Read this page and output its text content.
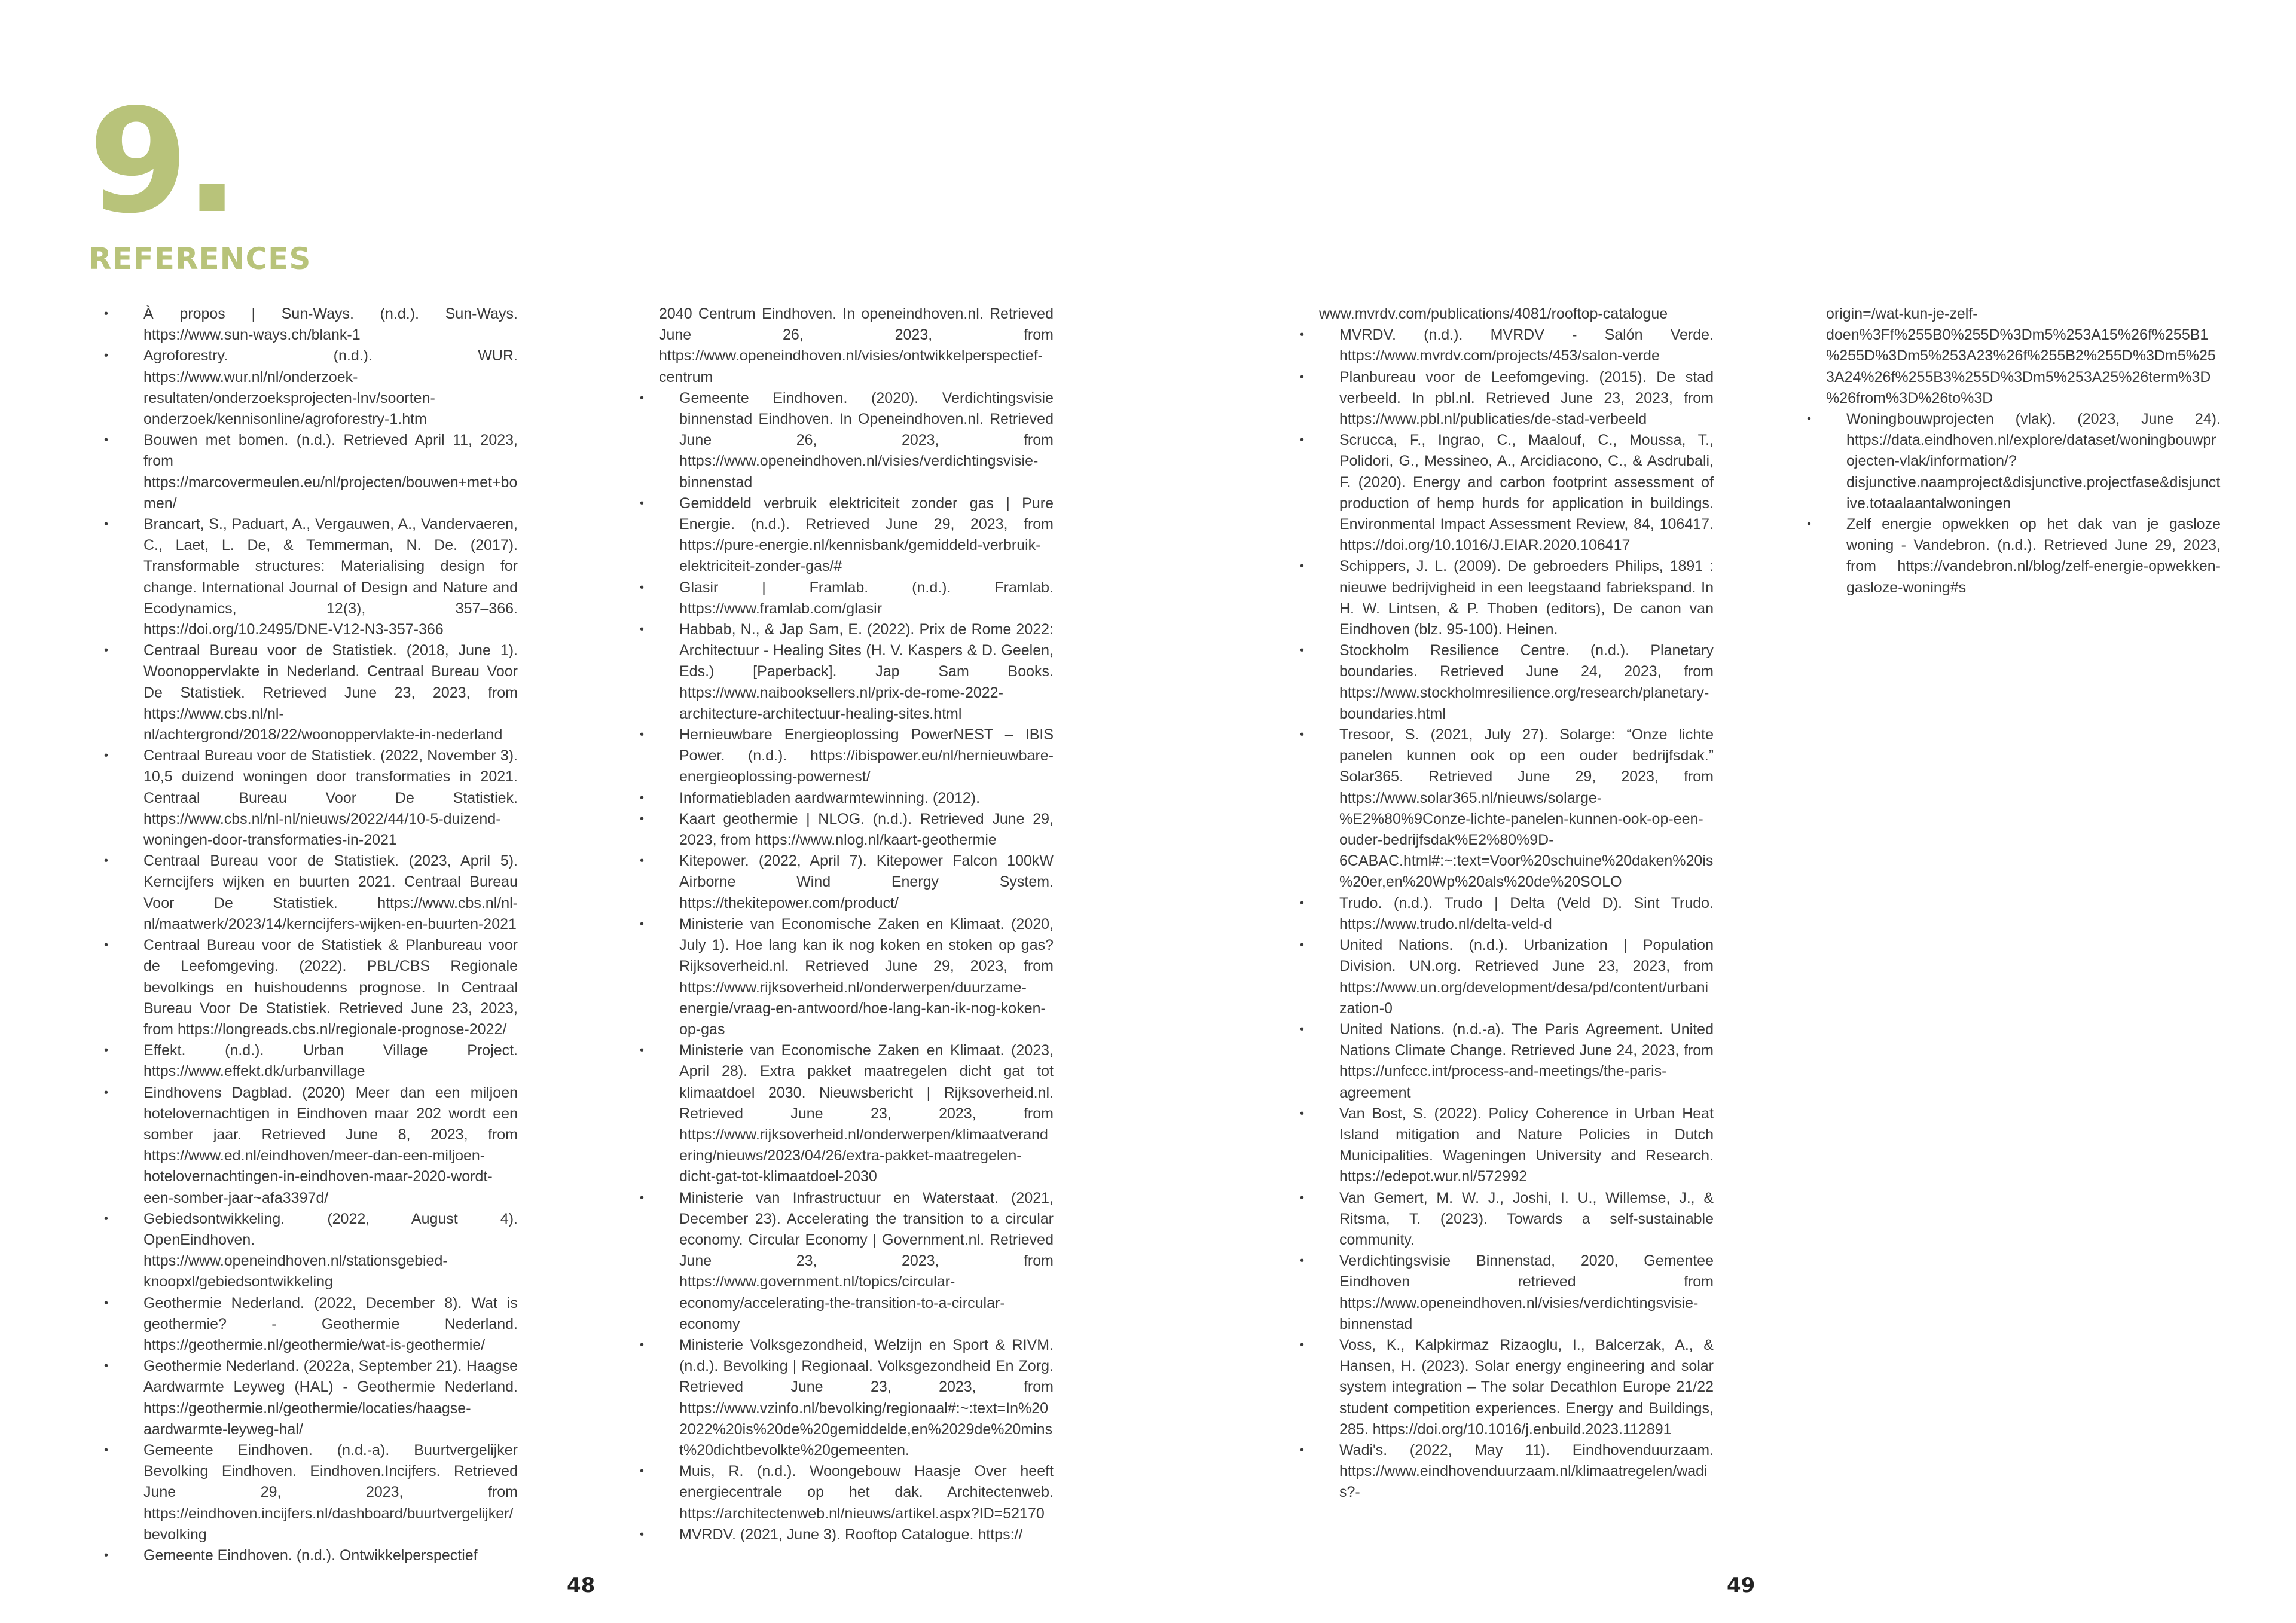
9.
REFERENCES
• À propos | Sun-Ways. (n.d.). Sun-Ways. https://www.sun-ways.ch/blank-1
• Agroforestry. (n.d.). WUR. https://www.wur.nl/nl/onderzoek-resultaten/onderzoeksprojecten-lnv/soorten-onderzoek/kennisonline/agroforestry-1.htm
• Bouwen met bomen. (n.d.). Retrieved April 11, 2023, from https://marcovermeulen.eu/nl/projecten/bouwen+met+bomen/
• Brancart, S., Paduart, A., Vergauwen, A., Vandervaeren, C., Laet, L. De, & Temmerman, N. De. (2017). Transformable structures: Materialising design for change. International Journal of Design and Nature and Ecodynamics, 12(3), 357–366. https://doi.org/10.2495/DNE-V12-N3-357-366
• Centraal Bureau voor de Statistiek. (2018, June 1). Woonoppervlakte in Nederland. Centraal Bureau Voor De Statistiek. Retrieved June 23, 2023, from https://www.cbs.nl/nl-nl/achtergrond/2018/22/woonoppervlakte-in-nederland
• Centraal Bureau voor de Statistiek. (2022, November 3). 10,5 duizend woningen door transformaties in 2021. Centraal Bureau Voor De Statistiek. https://www.cbs.nl/nl-nl/nieuws/2022/44/10-5-duizend-woningen-door-transformaties-in-2021
• Centraal Bureau voor de Statistiek. (2023, April 5). Kerncijfers wijken en buurten 2021. Centraal Bureau Voor De Statistiek. https://www.cbs.nl/nl-nl/maatwerk/2023/14/kerncijfers-wijken-en-buurten-2021
• Centraal Bureau voor de Statistiek & Planbureau voor de Leefomgeving. (2022). PBL/CBS Regionale bevolkings en huishoudenns prognose. In Centraal Bureau Voor De Statistiek. Retrieved June 23, 2023, from https://longreads.cbs.nl/regionale-prognose-2022/
• Effekt. (n.d.). Urban Village Project. https://www.effekt.dk/urbanvillage
• Eindhovens Dagblad. (2020) Meer dan een miljoen hotelovernachtigen in Eindhoven maar 202 wordt een somber jaar. Retrieved June 8, 2023, from https://www.ed.nl/eindhoven/meer-dan-een-miljoen-hotelovernachtingen-in-eindhoven-maar-2020-wordt-een-somber-jaar~afa3397d/
• Gebiedsontwikkeling. (2022, August 4). OpenEindhoven. https://www.openeindhoven.nl/stationsgebied-knoopxl/gebiedsontwikkeling
• Geothermie Nederland. (2022, December 8). Wat is geothermie? - Geothermie Nederland. https://geothermie.nl/geothermie/wat-is-geothermie/
• Geothermie Nederland. (2022a, September 21). Haagse Aardwarmte Leyweg (HAL) - Geothermie Nederland. https://geothermie.nl/geothermie/locaties/haagse-aardwarmte-leyweg-hal/
• Gemeente Eindhoven. (n.d.-a). Buurtvergelijker Bevolking Eindhoven. Eindhoven.Incijfers. Retrieved June 29, 2023, from https://eindhoven.incijfers.nl/dashboard/buurtvergelijker/bevolking
• Gemeente Eindhoven. (n.d.). Ontwikkelperspectief
2040 Centrum Eindhoven. In openeindhoven.nl. Retrieved June 26, 2023, from https://www.openeindhoven.nl/visies/ontwikkelperspectief-centrum
• Gemeente Eindhoven. (2020). Verdichtingsvisie binnenstad Eindhoven. In Openeindhoven.nl. Retrieved June 26, 2023, from https://www.openeindhoven.nl/visies/verdichtingsvisie-binnenstad
• Gemiddeld verbruik elektriciteit zonder gas | Pure Energie. (n.d.). Retrieved June 29, 2023, from https://pure-energie.nl/kennisbank/gemiddeld-verbruik-elektriciteit-zonder-gas/#
• Glasir | Framlab. (n.d.). Framlab. https://www.framlab.com/glasir
• Habbab, N., & Jap Sam, E. (2022). Prix de Rome 2022: Architectuur - Healing Sites (H. V. Kaspers & D. Geelen, Eds.) [Paperback]. Jap Sam Books. https://www.naibooksellers.nl/prix-de-rome-2022-architecture-architectuur-healing-sites.html
• Hernieuwbare Energieoplossing PowerNEST – IBIS Power. (n.d.). https://ibispower.eu/nl/hernieuwbare-energieoplossing-powernest/
• Informatiebladen aardwarmtewinning. (2012).
• Kaart geothermie | NLOG. (n.d.). Retrieved June 29, 2023, from https://www.nlog.nl/kaart-geothermie
• Kitepower. (2022, April 7). Kitepower Falcon 100kW Airborne Wind Energy System. https://thekitepower.com/product/
• Ministerie van Economische Zaken en Klimaat. (2020, July 1). Hoe lang kan ik nog koken en stoken op gas? Rijksoverheid.nl. Retrieved June 29, 2023, from https://www.rijksoverheid.nl/onderwerpen/duurzame-energie/vraag-en-antwoord/hoe-lang-kan-ik-nog-koken-op-gas
• Ministerie van Economische Zaken en Klimaat. (2023, April 28). Extra pakket maatregelen dicht gat tot klimaatdoel 2030. Nieuwsbericht | Rijksoverheid.nl. Retrieved June 23, 2023, from https://www.rijksoverheid.nl/onderwerpen/klimaatverandering/nieuws/2023/04/26/extra-pakket-maatregelen-dicht-gat-tot-klimaatdoel-2030
• Ministerie van Infrastructuur en Waterstaat. (2021, December 23). Accelerating the transition to a circular economy. Circular Economy | Government.nl. Retrieved June 23, 2023, from https://www.government.nl/topics/circular-economy/accelerating-the-transition-to-a-circular-economy
• Ministerie Volksgezondheid, Welzijn en Sport & RIVM. (n.d.). Bevolking | Regionaal. Volksgezondheid En Zorg. Retrieved June 23, 2023, from https://www.vzinfo.nl/bevolking/regionaal#:~:text=In%202022%20is%20de%20gemiddelde,en%2029de%20minst%20dichtbevolkte%20gemeenten.
• Muis, R. (n.d.). Woongebouw Haasje Over heeft energiecentrale op het dak. Architectenweb. https://architectenweb.nl/nieuws/artikel.aspx?ID=52170
• MVRDV. (2021, June 3). Rooftop Catalogue. https://
www.mvrdv.com/publications/4081/rooftop-catalogue
• MVRDV. (n.d.). MVRDV - Salón Verde. https://www.mvrdv.com/projects/453/salon-verde
• Planbureau voor de Leefomgeving. (2015). De stad verbeeld. In pbl.nl. Retrieved June 23, 2023, from https://www.pbl.nl/publicaties/de-stad-verbeeld
• Scrucca, F., Ingrao, C., Maalouf, C., Moussa, T., Polidori, G., Messineo, A., Arcidiacono, C., & Asdrubali, F. (2020). Energy and carbon footprint assessment of production of hemp hurds for application in buildings. Environmental Impact Assessment Review, 84, 106417. https://doi.org/10.1016/J.EIAR.2020.106417
• Schippers, J. L. (2009). De gebroeders Philips, 1891 : nieuwe bedrijvigheid in een leegstaand fabriekspand. In H. W. Lintsen, & P. Thoben (editors), De canon van Eindhoven (blz. 95-100). Heinen.
• Stockholm Resilience Centre. (n.d.). Planetary boundaries. Retrieved June 24, 2023, from https://www.stockholmresilience.org/research/planetary-boundaries.html
• Tresoor, S. (2021, July 27). Solarge: “Onze lichte panelen kunnen ook op een ouder bedrijfsdak.” Solar365. Retrieved June 29, 2023, from https://www.solar365.nl/nieuws/solarge-%E2%80%9Conze-lichte-panelen-kunnen-ook-op-een-ouder-bedrijfsdak%E2%80%9D-6CABAC.html#:~:text=Voor%20schuine%20daken%20is%20er,en%20Wp%20als%20de%20SOLO
• Trudo. (n.d.). Trudo | Delta (Veld D). Sint Trudo. https://www.trudo.nl/delta-veld-d
• United Nations. (n.d.). Urbanization | Population Division. UN.org. Retrieved June 23, 2023, from https://www.un.org/development/desa/pd/content/urbanization-0
• United Nations. (n.d.-a). The Paris Agreement. United Nations Climate Change. Retrieved June 24, 2023, from https://unfccc.int/process-and-meetings/the-paris-agreement
• Van Bost, S. (2022). Policy Coherence in Urban Heat Island mitigation and Nature Policies in Dutch Municipalities. Wageningen University and Research. https://edepot.wur.nl/572992
• Van Gemert, M. W. J., Joshi, I. U., Willemse, J., & Ritsma, T. (2023). Towards a self-sustainable community.
• Verdichtingsvisie Binnenstad, 2020, Gementee Eindhoven retrieved from https://www.openeindhoven.nl/visies/verdichtingsvisie-binnenstad
• Voss, K., Kalpkirmaz Rizaoglu, I., Balcerzak, A., & Hansen, H. (2023). Solar energy engineering and solar system integration – The solar Decathlon Europe 21/22 student competition experiences. Energy and Buildings, 285. https://doi.org/10.1016/j.enbuild.2023.112891
• Wadi's. (2022, May 11). Eindhovenduurzaam. https://www.eindhovenduurzaam.nl/klimaatregelen/wadis?-
origin=/wat-kun-je-zelf-doen%3Ff%255B0%255D%3Dm5%253A15%26f%255B1%255D%3Dm5%253A23%26f%255B2%255D%3Dm5%253A24%26f%255B3%255D%3Dm5%253A25%26term%3D%26from%3D%26to%3D
• Woningbouwprojecten (vlak). (2023, June 24). https://data.eindhoven.nl/explore/dataset/woningbouwprojecten-vlak/information/?disjunctive.naamproject&disjunctive.projectfase&disjunctive.totaalaantalwoningen
• Zelf energie opwekken op het dak van je gasloze woning - Vandebron. (n.d.). Retrieved June 29, 2023, from https://vandebron.nl/blog/zelf-energie-opwekken-gasloze-woning#s
48	49
